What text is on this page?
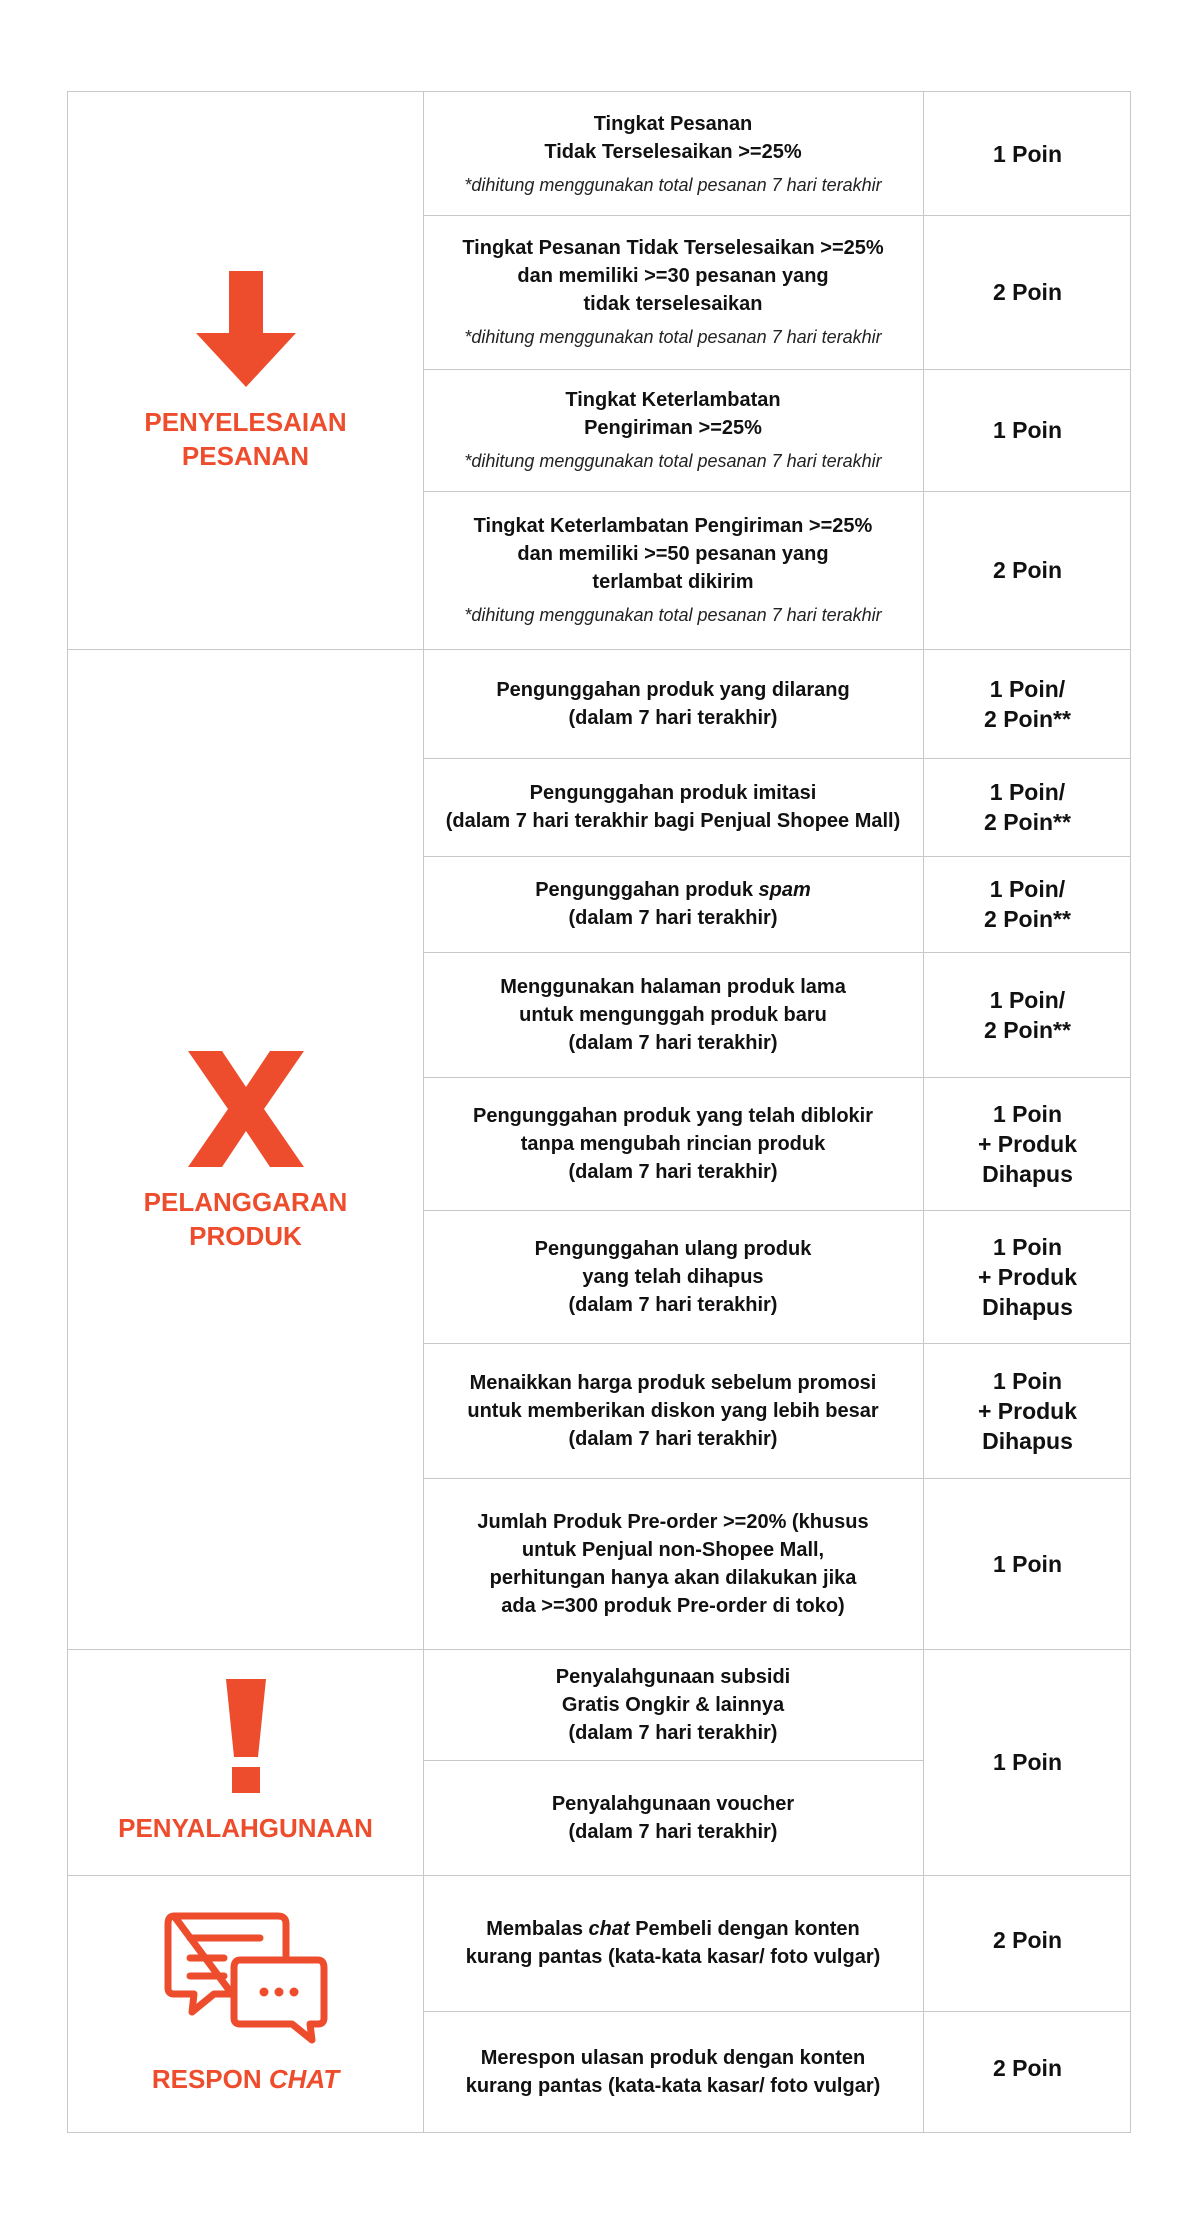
PENYELESAIAN
PESANAN
Tingkat Pesanan
Tidak Terselesaikan >=25%
*dihitung menggunakan total pesanan 7 hari terakhir
1 Poin
Tingkat Pesanan Tidak Terselesaikan >=25%
dan memiliki >=30 pesanan yang
tidak terselesaikan
*dihitung menggunakan total pesanan 7 hari terakhir
2 Poin
Tingkat Keterlambatan
Pengiriman >=25%
*dihitung menggunakan total pesanan 7 hari terakhir
1 Poin
Tingkat Keterlambatan Pengiriman >=25%
dan memiliki >=50 pesanan yang
terlambat dikirim
*dihitung menggunakan total pesanan 7 hari terakhir
2 Poin
PELANGGARAN
PRODUK
Pengunggahan produk yang dilarang
(dalam 7 hari terakhir)
1 Poin/
2 Poin**
Pengunggahan produk imitasi
(dalam 7 hari terakhir bagi Penjual Shopee Mall)
1 Poin/
2 Poin**
Pengunggahan produk spam
(dalam 7 hari terakhir)
1 Poin/
2 Poin**
Menggunakan halaman produk lama
untuk mengunggah produk baru
(dalam 7 hari terakhir)
1 Poin/
2 Poin**
Pengunggahan produk yang telah diblokir
tanpa mengubah rincian produk
(dalam 7 hari terakhir)
1 Poin
+ Produk
Dihapus
Pengunggahan ulang produk
yang telah dihapus
(dalam 7 hari terakhir)
1 Poin
+ Produk
Dihapus
Menaikkan harga produk sebelum promosi
untuk memberikan diskon yang lebih besar
(dalam 7 hari terakhir)
1 Poin
+ Produk
Dihapus
Jumlah Produk Pre-order >=20% (khusus
untuk Penjual non-Shopee Mall,
perhitungan hanya akan dilakukan jika
ada >=300 produk Pre-order di toko)
1 Poin
PENYALAHGUNAAN
Penyalahgunaan subsidi
Gratis Ongkir & lainnya
(dalam 7 hari terakhir)
Penyalahgunaan voucher
(dalam 7 hari terakhir)
1 Poin
RESPON CHAT
Membalas chat Pembeli dengan konten
kurang pantas (kata-kata kasar/ foto vulgar)
2 Poin
Merespon ulasan produk dengan konten
kurang pantas (kata-kata kasar/ foto vulgar)
2 Poin
